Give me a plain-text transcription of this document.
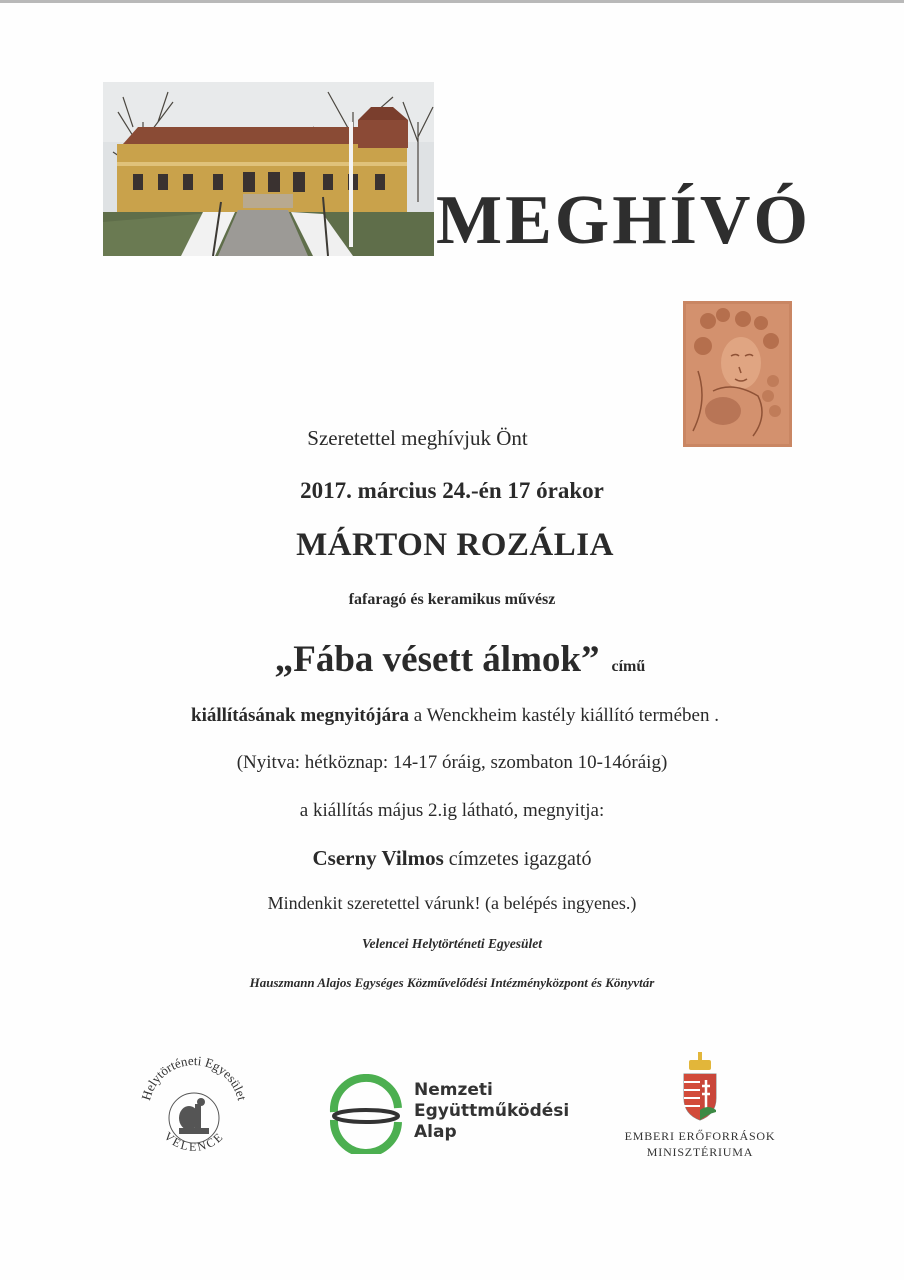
MEGHÍVÓ
Szeretettel meghívjuk Önt
2017. március 24.-én 17 órakor
MÁRTON ROZÁLIA
fafaragó és keramikus művész
„Fába vésett álmok” című
kiállításának megnyitójára a Wenckheim kastély kiállító termében .
(Nyitva: hétköznap: 14-17 óráig, szombaton 10-14óráig)
a kiállítás május 2.ig látható, megnyitja:
Cserny Vilmos címzetes igazgató
Mindenkit szeretettel várunk! (a belépés ingyenes.)
Velencei Helytörténeti Egyesület
Hauszmann Alajos Egységes Közművelődési Intézményközpont és Könyvtár
Helytörténeti Egyesület
VELENCE
Nemzeti
Együttműködési
Alap	EMBERI ERŐFORRÁSOK
MINISZTÉRIUMA
